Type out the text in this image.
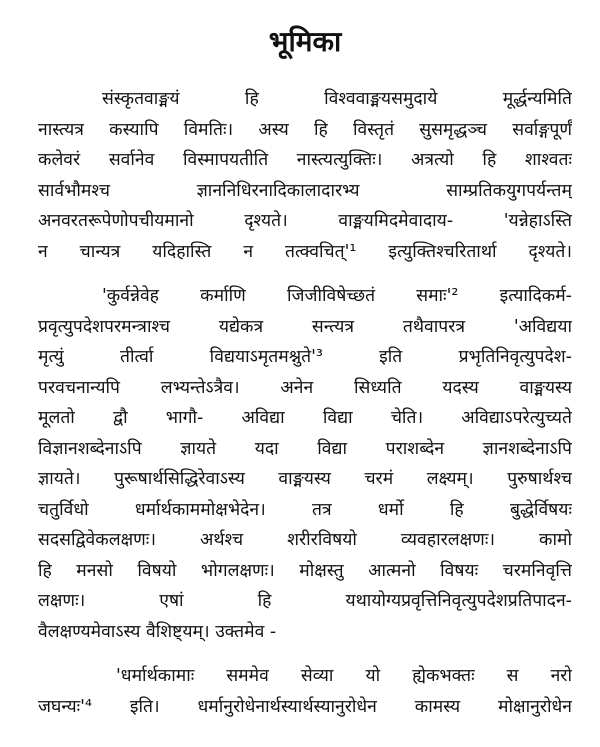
भूमिका
संस्कृतवाङ्मयं हि विश्ववाङ्मयसमुदाये मूर्द्धन्यमिति
नास्त्यत्र कस्यापि विमतिः। अस्य हि विस्तृतं सुसमृद्धञ्च सर्वाङ्गपूर्णं
कलेवरं सर्वानेव विस्मापयतीति नास्त्यत्युक्तिः। अत्रत्यो हि शाश्वतः
सार्वभौमश्च ज्ञाननिधिरनादिकालादारभ्य साम्प्रतिकयुगपर्यन्तम्
अनवरतरूपेणोपचीयमानो दृश्यते। वाङ्मयमिदमेवादाय- 'यन्नेहाऽस्ति
न चान्यत्र यदिहास्ति न तत्क्वचित्'¹ इत्युक्तिश्चरितार्था दृश्यते।
'कुर्वन्नेवेह कर्माणि जिजीविषेच्छतं समाः'² इत्यादिकर्म-
प्रवृत्युपदेशपरमन्त्राश्च यद्येकत्र सन्त्यत्र तथैवापरत्र 'अविद्यया
मृत्युं तीर्त्वा विद्ययाऽमृतमश्नुते'³ इति प्रभृतिनिवृत्युपदेश-
परवचनान्यपि लभ्यन्तेऽत्रैव। अनेन सिध्यति यदस्य वाङ्मयस्य
मूलतो द्वौ भागौ- अविद्या विद्या चेति। अविद्याऽपरेत्युच्यते
विज्ञानशब्देनाऽपि ज्ञायते यदा विद्या पराशब्देन ज्ञानशब्देनाऽपि
ज्ञायते। पुरूषार्थसिद्धिरेवाऽस्य वाङ्मयस्य चरमं लक्ष्यम्। पुरुषार्थश्च
चतुर्विधो धर्मार्थकाममोक्षभेदेन। तत्र धर्मो हि बुद्धेर्विषयः
सदसद्विवेकलक्षणः। अर्थश्च शरीरविषयो व्यवहारलक्षणः। कामो
हि मनसो विषयो भोगलक्षणः। मोक्षस्तु आत्मनो विषयः चरमनिवृत्ति
लक्षणः। एषां हि यथायोग्यप्रवृत्तिनिवृत्युपदेशप्रतिपादन-
वैलक्षण्यमेवाऽस्य वैशिष्ट्यम्। उक्तमेव -
'धर्मार्थकामाः सममेव सेव्या यो ह्येकभक्तः स नरो
जघन्यः'⁴ इति। धर्मानुरोधेनार्थस्यार्थस्यानुरोधेन कामस्य मोक्षानुरोधेन
